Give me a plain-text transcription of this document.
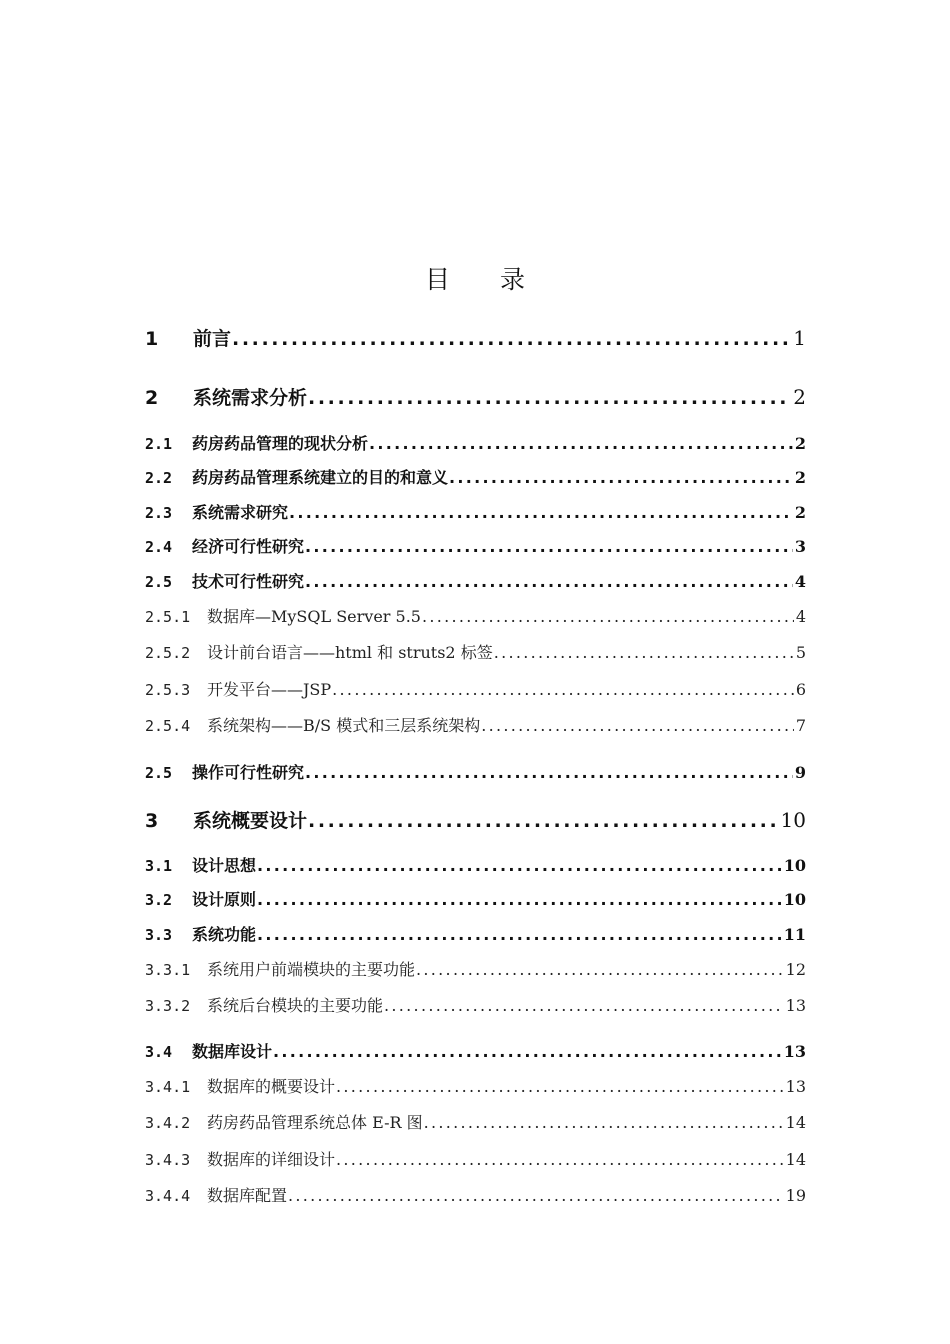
目 录
1	前言 .....	1
2	系统需求分析 .....	2
2.1	药房药品管理的现状分析 .....	2
2.2	药房药品管理系统建立的目的和意义 .....	2
2.3	系统需求研究 .....	2
2.4	经济可行性研究 .....	3
2.5	技术可行性研究 .....	4
2.5.1	数据库—MySQL Server 5.5 .....	4
2.5.2	设计前台语言——html 和 struts2 标签 .....	5
2.5.3	开发平台——JSP .....	6
2.5.4	系统架构——B/S 模式和三层系统架构 .....	7
2.5	操作可行性研究 .....	9
3	系统概要设计 .....	10
3.1	设计思想 .....	10
3.2	设计原则 .....	10
3.3	系统功能 .....	11
3.3.1	系统用户前端模块的主要功能 .....	12
3.3.2	系统后台模块的主要功能 .....	13
3.4	数据库设计 .....	13
3.4.1	数据库的概要设计 .....	13
3.4.2	药房药品管理系统总体 E-R 图 .....	14
3.4.3	数据库的详细设计 .....	14
3.4.4	数据库配置 .....	19
